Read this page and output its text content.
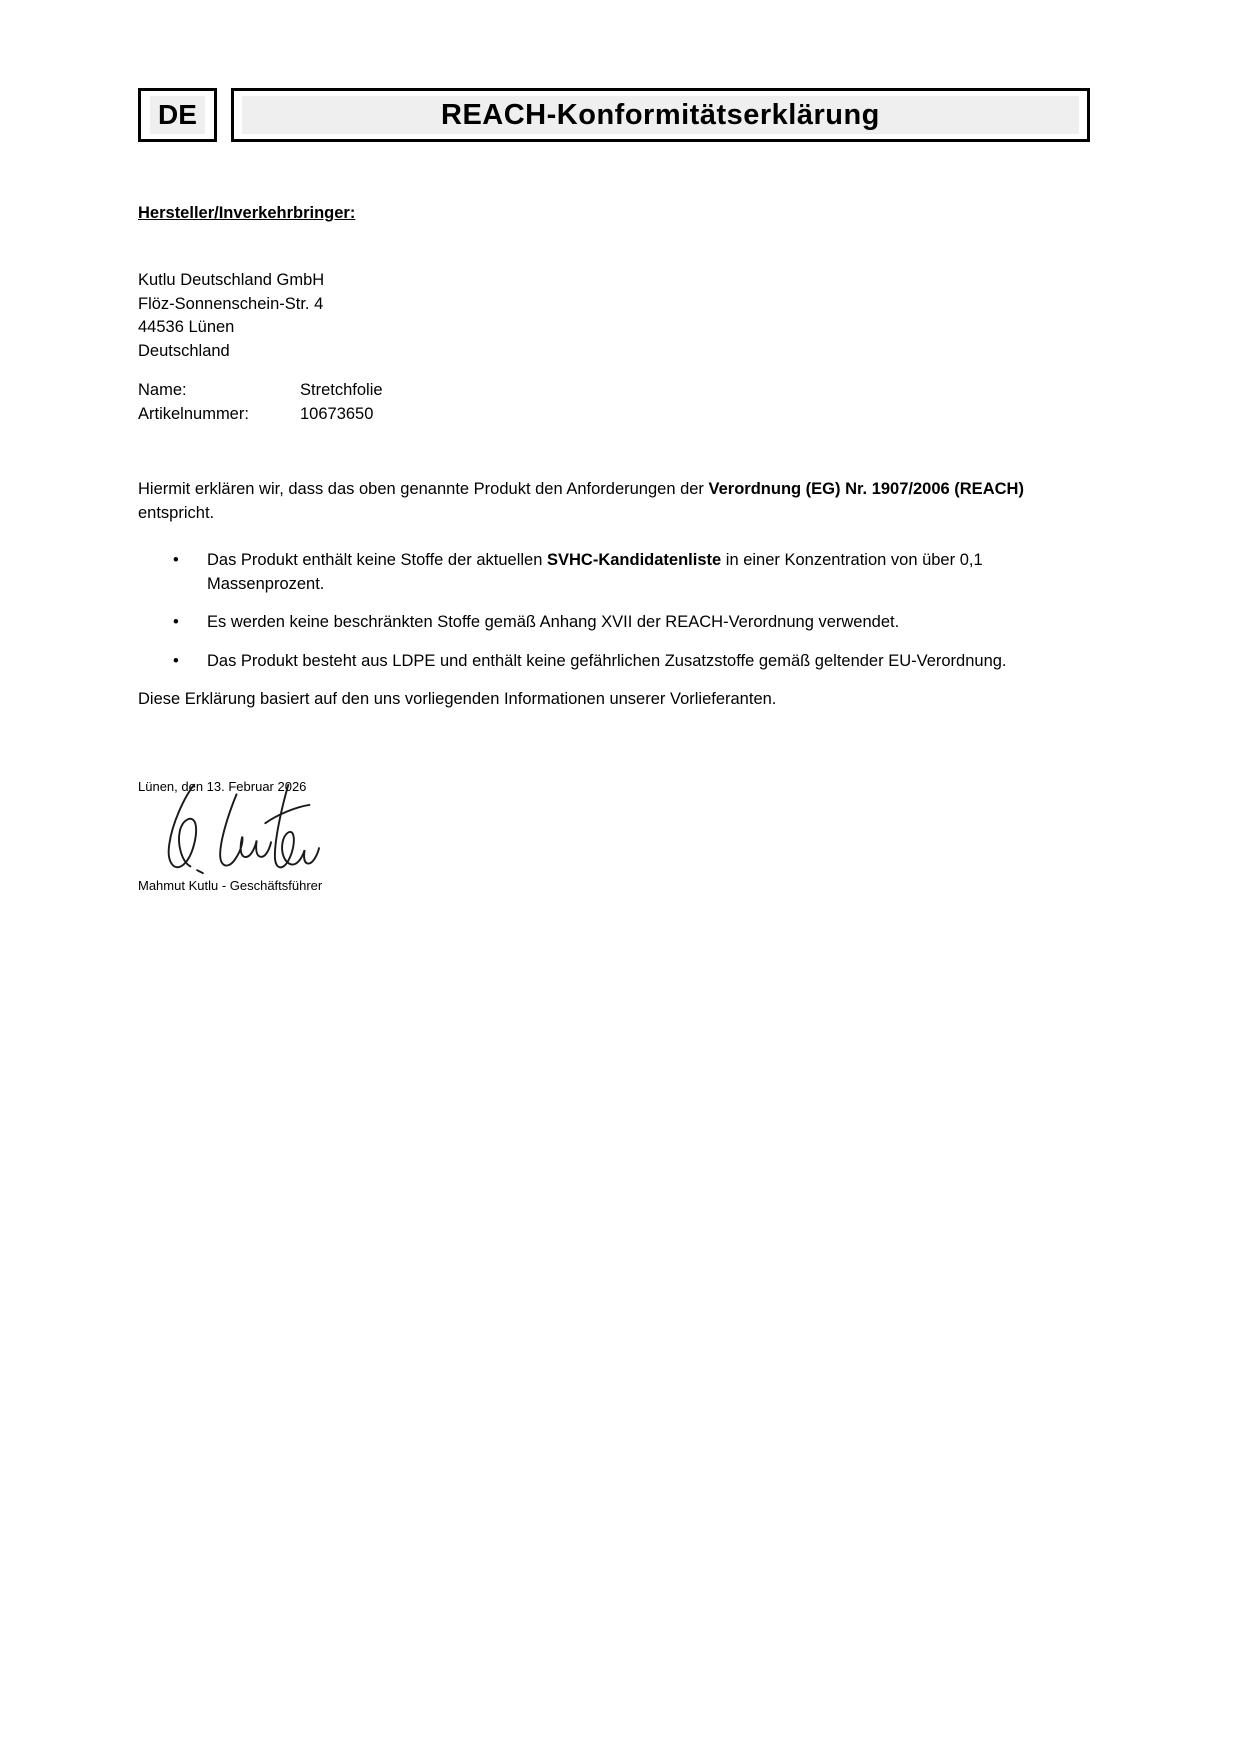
DE	REACH-Konformitätserklärung
Hersteller/Inverkehrbringer:
Kutlu Deutschland GmbH
Flöz-Sonnenschein-Str. 4
44536 Lünen
Deutschland
Name:	Stretchfolie
Artikelnummer:	10673650

Hiermit erklären wir, dass das oben genannte Produkt den Anforderungen der Verordnung (EG) Nr. 1907/2006 (REACH) entspricht.

•	Das Produkt enthält keine Stoffe der aktuellen SVHC-Kandidatenliste in einer Konzentration von über 0,1 Massenprozent.
•	Es werden keine beschränkten Stoffe gemäß Anhang XVII der REACH-Verordnung verwendet.
•	Das Produkt besteht aus LDPE und enthält keine gefährlichen Zusatzstoffe gemäß geltender EU-Verordnung.

Diese Erklärung basiert auf den uns vorliegenden Informationen unserer Vorlieferanten.

Lünen, den 13. Februar 2026
Mahmut Kutlu - Geschäftsführer
